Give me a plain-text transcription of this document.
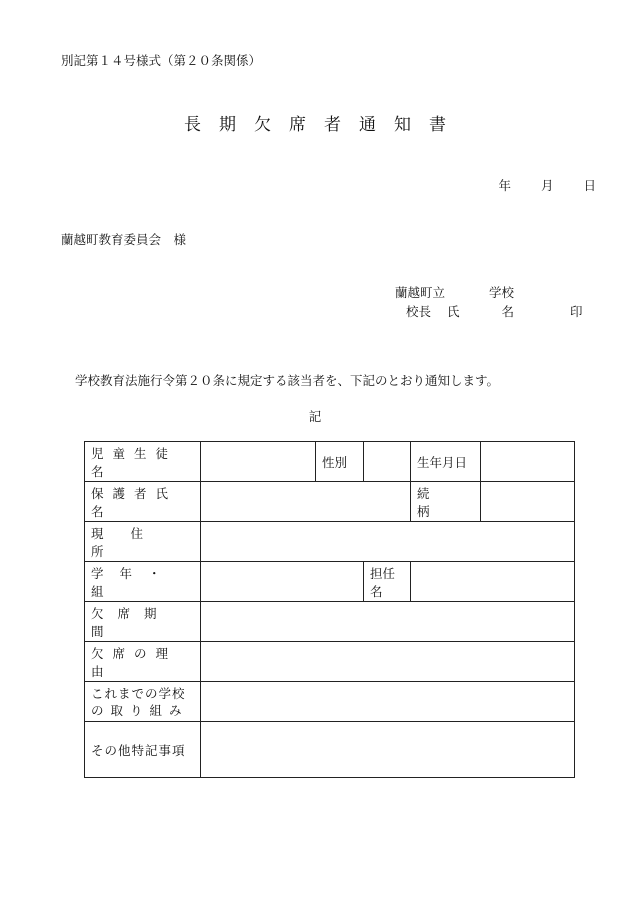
別記第１４号様式（第２０条関係）
長期欠席者通知書
年 月 日
蘭越町教育委員会　様
蘭越町立	学校
校長 氏	名	印
学校教育法施行令第２０条に規定する該当者を、下記のとおり通知します。
記
児童生徒名		性別		生年月日	
保護者氏名				続柄	
現住所					
学年・組			担任名		
欠席期間					
欠席の理由					

これまでの学校
の取り組み					

その他特記事項					
